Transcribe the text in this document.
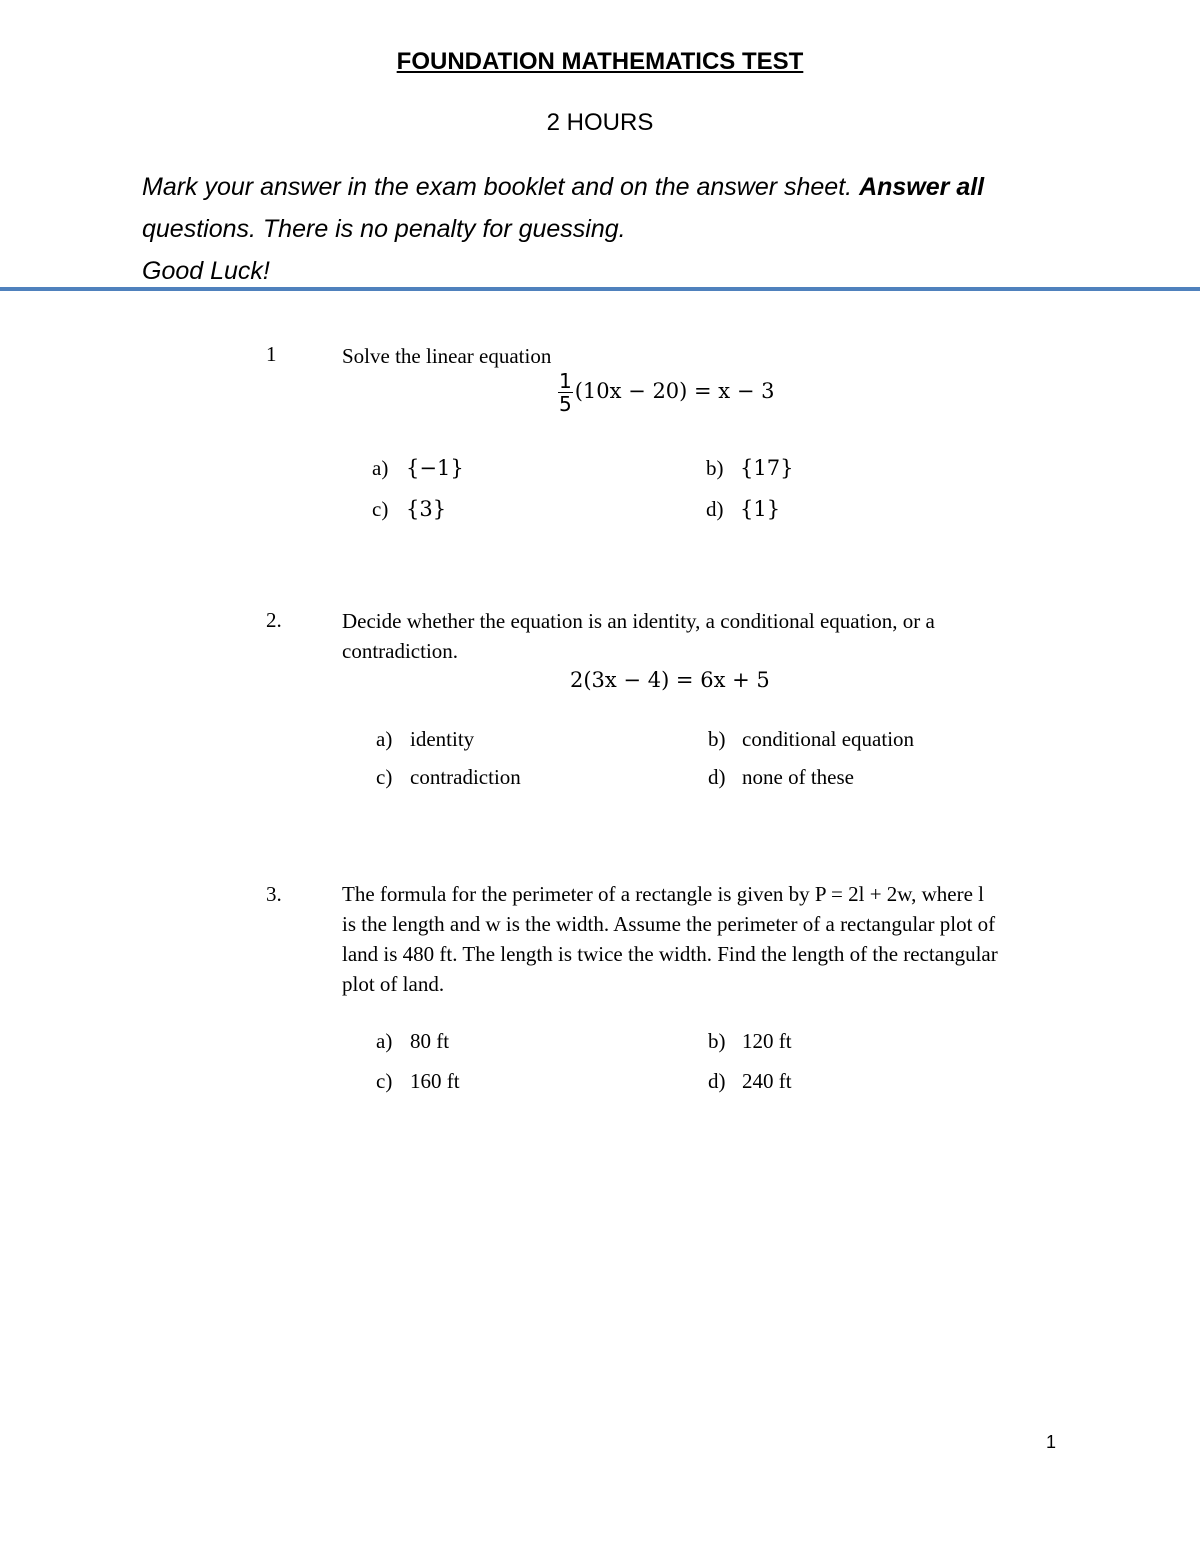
FOUNDATION MATHEMATICS TEST
2 HOURS
Mark your answer in the exam booklet and on the answer sheet. Answer all
questions. There is no penalty for guessing.
Good Luck!
1	Solve the linear equation
$\frac{1}{5} (10x - 20) = x - 3$
a) {−1}	b) {17}
c) {3}	d) {1}
2.	Decide whether the equation is an identity, a conditional equation, or a contradiction.
2(3x − 4) = 6x + 5
a) identity	b) conditional equation
c) contradiction	d) none of these
3.	The formula for the perimeter of a rectangle is given by P = 2l + 2w, where l is the length and w is the width. Assume the perimeter of a rectangular plot of land is 480 ft. The length is twice the width. Find the length of the rectangular plot of land.
a) 80 ft	b) 120 ft
c) 160 ft	d) 240 ft
1
